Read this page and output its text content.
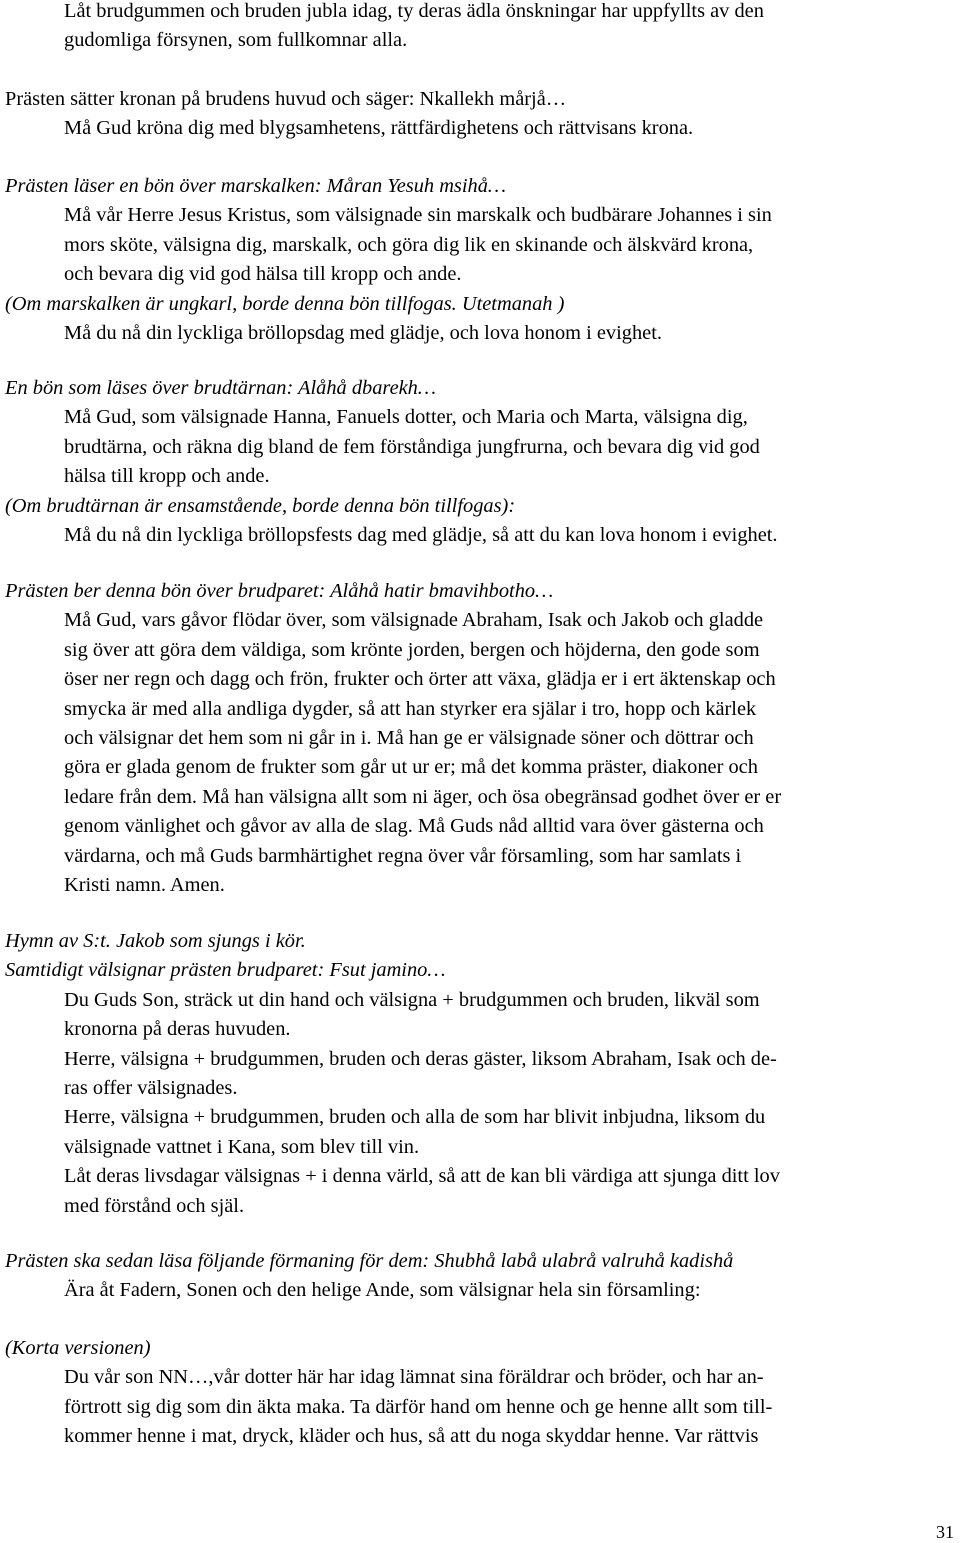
Låt brudgummen och bruden jubla idag, ty deras ädla önskningar har uppfyllts av den
gudomliga försynen, som fullkomnar alla.
Prästen sätter kronan på brudens huvud och säger: Nkallekh mårjå…
Må Gud kröna dig med blygsamhetens, rättfärdighetens och rättvisans krona.
Prästen läser en bön över marskalken: Måran Yesuh msihå…
Må vår Herre Jesus Kristus, som välsignade sin marskalk och budbärare Johannes i sin
mors sköte, välsigna dig, marskalk, och göra dig lik en skinande och älskvärd krona,
och bevara dig vid god hälsa till kropp och ande.
(Om marskalken är ungkarl, borde denna bön tillfogas. Utetmanah )
Må du nå din lyckliga bröllopsdag med glädje, och lova honom i evighet.
En bön som läses över brudtärnan: Alåhå dbarekh…
Må Gud, som välsignade Hanna, Fanuels dotter, och Maria och Marta, välsigna dig,
brudtärna, och räkna dig bland de fem förståndiga jungfrurna, och bevara dig vid god
hälsa till kropp och ande.
(Om brudtärnan är ensamstående, borde denna bön tillfogas):
Må du nå din lyckliga bröllopsfests dag med glädje, så att du kan lova honom i evighet.
Prästen ber denna bön över brudparet: Alåhå hatir bmavihbotho…
Må Gud, vars gåvor flödar över, som välsignade Abraham, Isak och Jakob och gladde
sig över att göra dem väldiga, som krönte jorden, bergen och höjderna, den gode som
öser ner regn och dagg och frön, frukter och örter att växa, glädja er i ert äktenskap och
smycka är med alla andliga dygder, så att han styrker era själar i tro, hopp och kärlek
och välsignar det hem som ni går in i. Må han ge er välsignade söner och döttrar och
göra er glada genom de frukter som går ut ur er; må det komma präster, diakoner och
ledare från dem. Må han välsigna allt som ni äger, och ösa obegränsad godhet över er er
genom vänlighet och gåvor av alla de slag. Må Guds nåd alltid vara över gästerna och
värdarna, och må Guds barmhärtighet regna över vår församling, som har samlats i
Kristi namn. Amen.
Hymn av S:t. Jakob som sjungs i kör.
Samtidigt välsignar prästen brudparet: Fsut jamino…
Du Guds Son, sträck ut din hand och välsigna + brudgummen och bruden, likväl som
kronorna på deras huvuden.
Herre, välsigna + brudgummen, bruden och deras gäster, liksom Abraham, Isak och de-
ras offer välsignades.
Herre, välsigna + brudgummen, bruden och alla de som har blivit inbjudna, liksom du
välsignade vattnet i Kana, som blev till vin.
Låt deras livsdagar välsignas + i denna värld, så att de kan bli värdiga att sjunga ditt lov
med förstånd och själ.
Prästen ska sedan läsa följande förmaning för dem: Shubhå labå ulabrå valruhå kadishå
Ära åt Fadern, Sonen och den helige Ande, som välsignar hela sin församling:
(Korta versionen)
Du vår son NN…,vår dotter här har idag lämnat sina föräldrar och bröder, och har an-
förtrott sig dig som din äkta maka. Ta därför hand om henne och ge henne allt som till-
kommer henne i mat, dryck, kläder och hus, så att du noga skyddar henne. Var rättvis
31
